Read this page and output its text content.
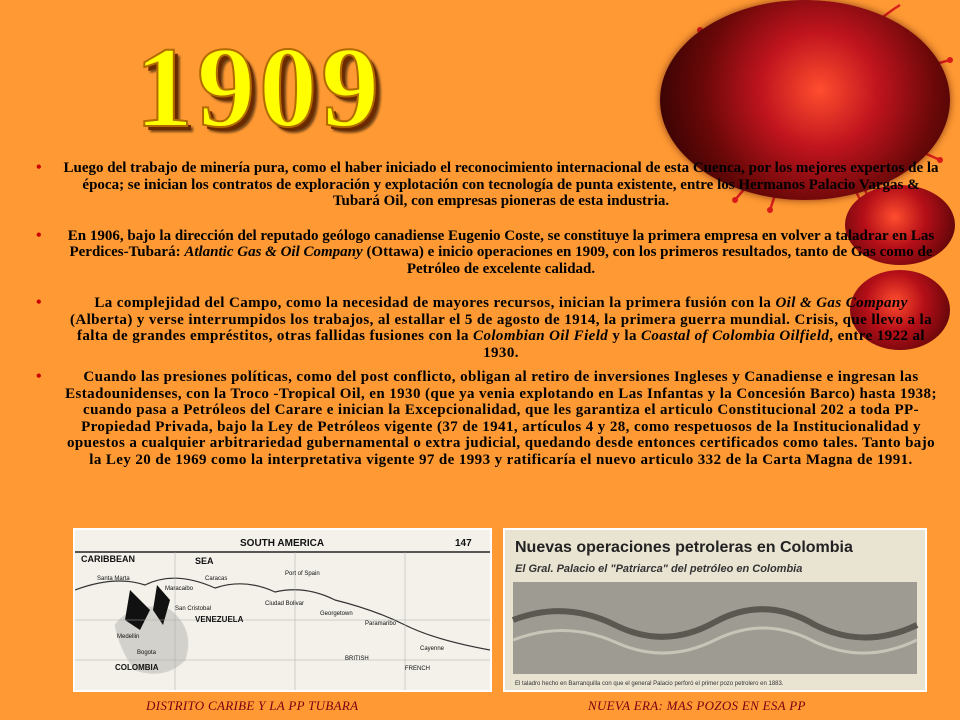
1909
• Luego del trabajo de minería pura, como el haber iniciado el reconocimiento internacional de esta Cuenca, por los mejores expertos de la época; se inician los contratos de exploración y explotación con tecnología de punta existente, entre los Hermanos Palacio Vargas & Tubará Oil, con empresas pioneras de esta industria.
• En 1906, bajo la dirección del reputado geólogo canadiense Eugenio Coste, se constituye la primera empresa en volver a taladrar en Las Perdices-Tubará: Atlantic Gas & Oil Company (Ottawa) e inicio operaciones en 1909, con los primeros resultados, tanto de Gas como de Petróleo de excelente calidad.
• La complejidad del Campo, como la necesidad de mayores recursos, inician la primera fusión con la Oil & Gas Company (Alberta) y verse interrumpidos los trabajos, al estallar el 5 de agosto de 1914, la primera guerra mundial. Crisis, que llevo a la falta de grandes empréstitos, otras fallidas fusiones con la Colombian Oil Field y la Coastal of Colombia Oilfield, entre 1922 al 1930.
• Cuando las presiones políticas, como del post conflicto, obligan al retiro de inversiones Ingleses y Canadiense e ingresan las Estadounidenses, con la Troco -Tropical Oil, en 1930 (que ya venia explotando en Las Infantas y la Concesión Barco) hasta 1938; cuando pasa a Petróleos del Carare e inician la Excepcionalidad, que les garantiza el articulo Constitucional 202 a toda PP-Propiedad Privada, bajo la Ley de Petróleos vigente (37 de 1941, artículos 4 y 28, como respetuosos de la Institucionalidad y opuestos a cualquier arbitrariedad gubernamental o extra judicial, quedando desde entonces certificados como tales. Tanto bajo la Ley 20 de 1969 como la interpretativa vigente 97 de 1993 y ratificaría el nuevo articulo 332 de la Carta Magna de 1991.
SOUTH AMERICA	147
CARIBBEAN	SEA
Santa Marta	Caracas
Port of Spain
Maracaibo
San Cristobal
VENEZUELA
Ciudad Bolivar
Georgetown
Paramaribo
Cayenne
Medellin
Bogota
COLOMBIA
BRITISH
FRENCH
Nuevas operaciones petroleras en Colombia
El Gral. Palacio el "Patriarca" del petróleo en Colombia
El taladro hecho en Barranquilla con que el general Palacio perforó el primer pozo petrolero en 1883.
DISTRITO CARIBE Y LA PP TUBARA	NUEVA ERA: MAS POZOS EN ESA PP
